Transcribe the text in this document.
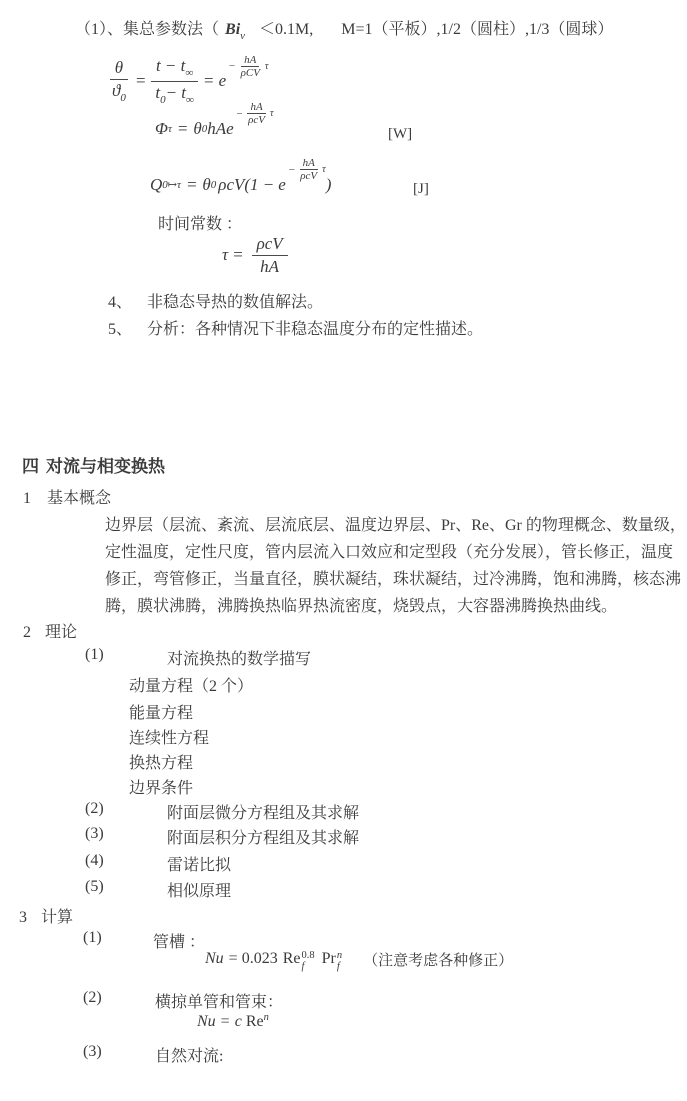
（1）、集总参数法（ $Bi_v <0.1M$, M=1（平板）,1/2（圆柱）,1/3（圆球）
$\frac{\theta}{ϑ_0} = \frac{t - t_\infty}{t_0- t_\infty} = e$
− $\frac{hA}{\text{ρCV}}$ τ
Φ τ = θ 0 hAe
− $\frac{hA}{\text{ρcV}}$ τ
[W]
Q 0↦τ = θ 0 ρcV (1 − e
− $\frac{hA}{\text{ρcV}}$ τ
)	[J]
时间常数 ：
$\tau = \frac{\text{ρcV}}{hA}$
4、 非稳态导热的数值解法。
5、 分析：各种情况下非稳态温度分布的定性描述。
四 对流与相变换热
1 基本概念
边界层（层流、紊流、层流底层、温度边界层、Pr、Re、Gr 的物理概念、数量级，
定性温度，定性尺度，管内层流入口效应和定型段（充分发展），管长修正，温度
修正，弯管修正，当量直径，膜状凝结，珠状凝结，过冷沸腾，饱和沸腾，核态沸
腾，膜状沸腾，沸腾换热临界热流密度，烧毁点，大容器沸腾换热曲线。
2 理论
(1)	对流换热的数学描写
动量方程（2 个）
能量方程
连续性方程
换热方程
边界条件
(2)	附面层微分方程组及其求解
(3)	附面层积分方程组及其求解
(4)	雷诺比拟
(5)	相似原理
3 计算
(1)	管槽 ：
Nu = 0.023 Re 0.8
f Pr n
f （注意考虑各种修正）
(2)	横掠单管和管束：
Nu = c Re n
(3)	自然对流:
